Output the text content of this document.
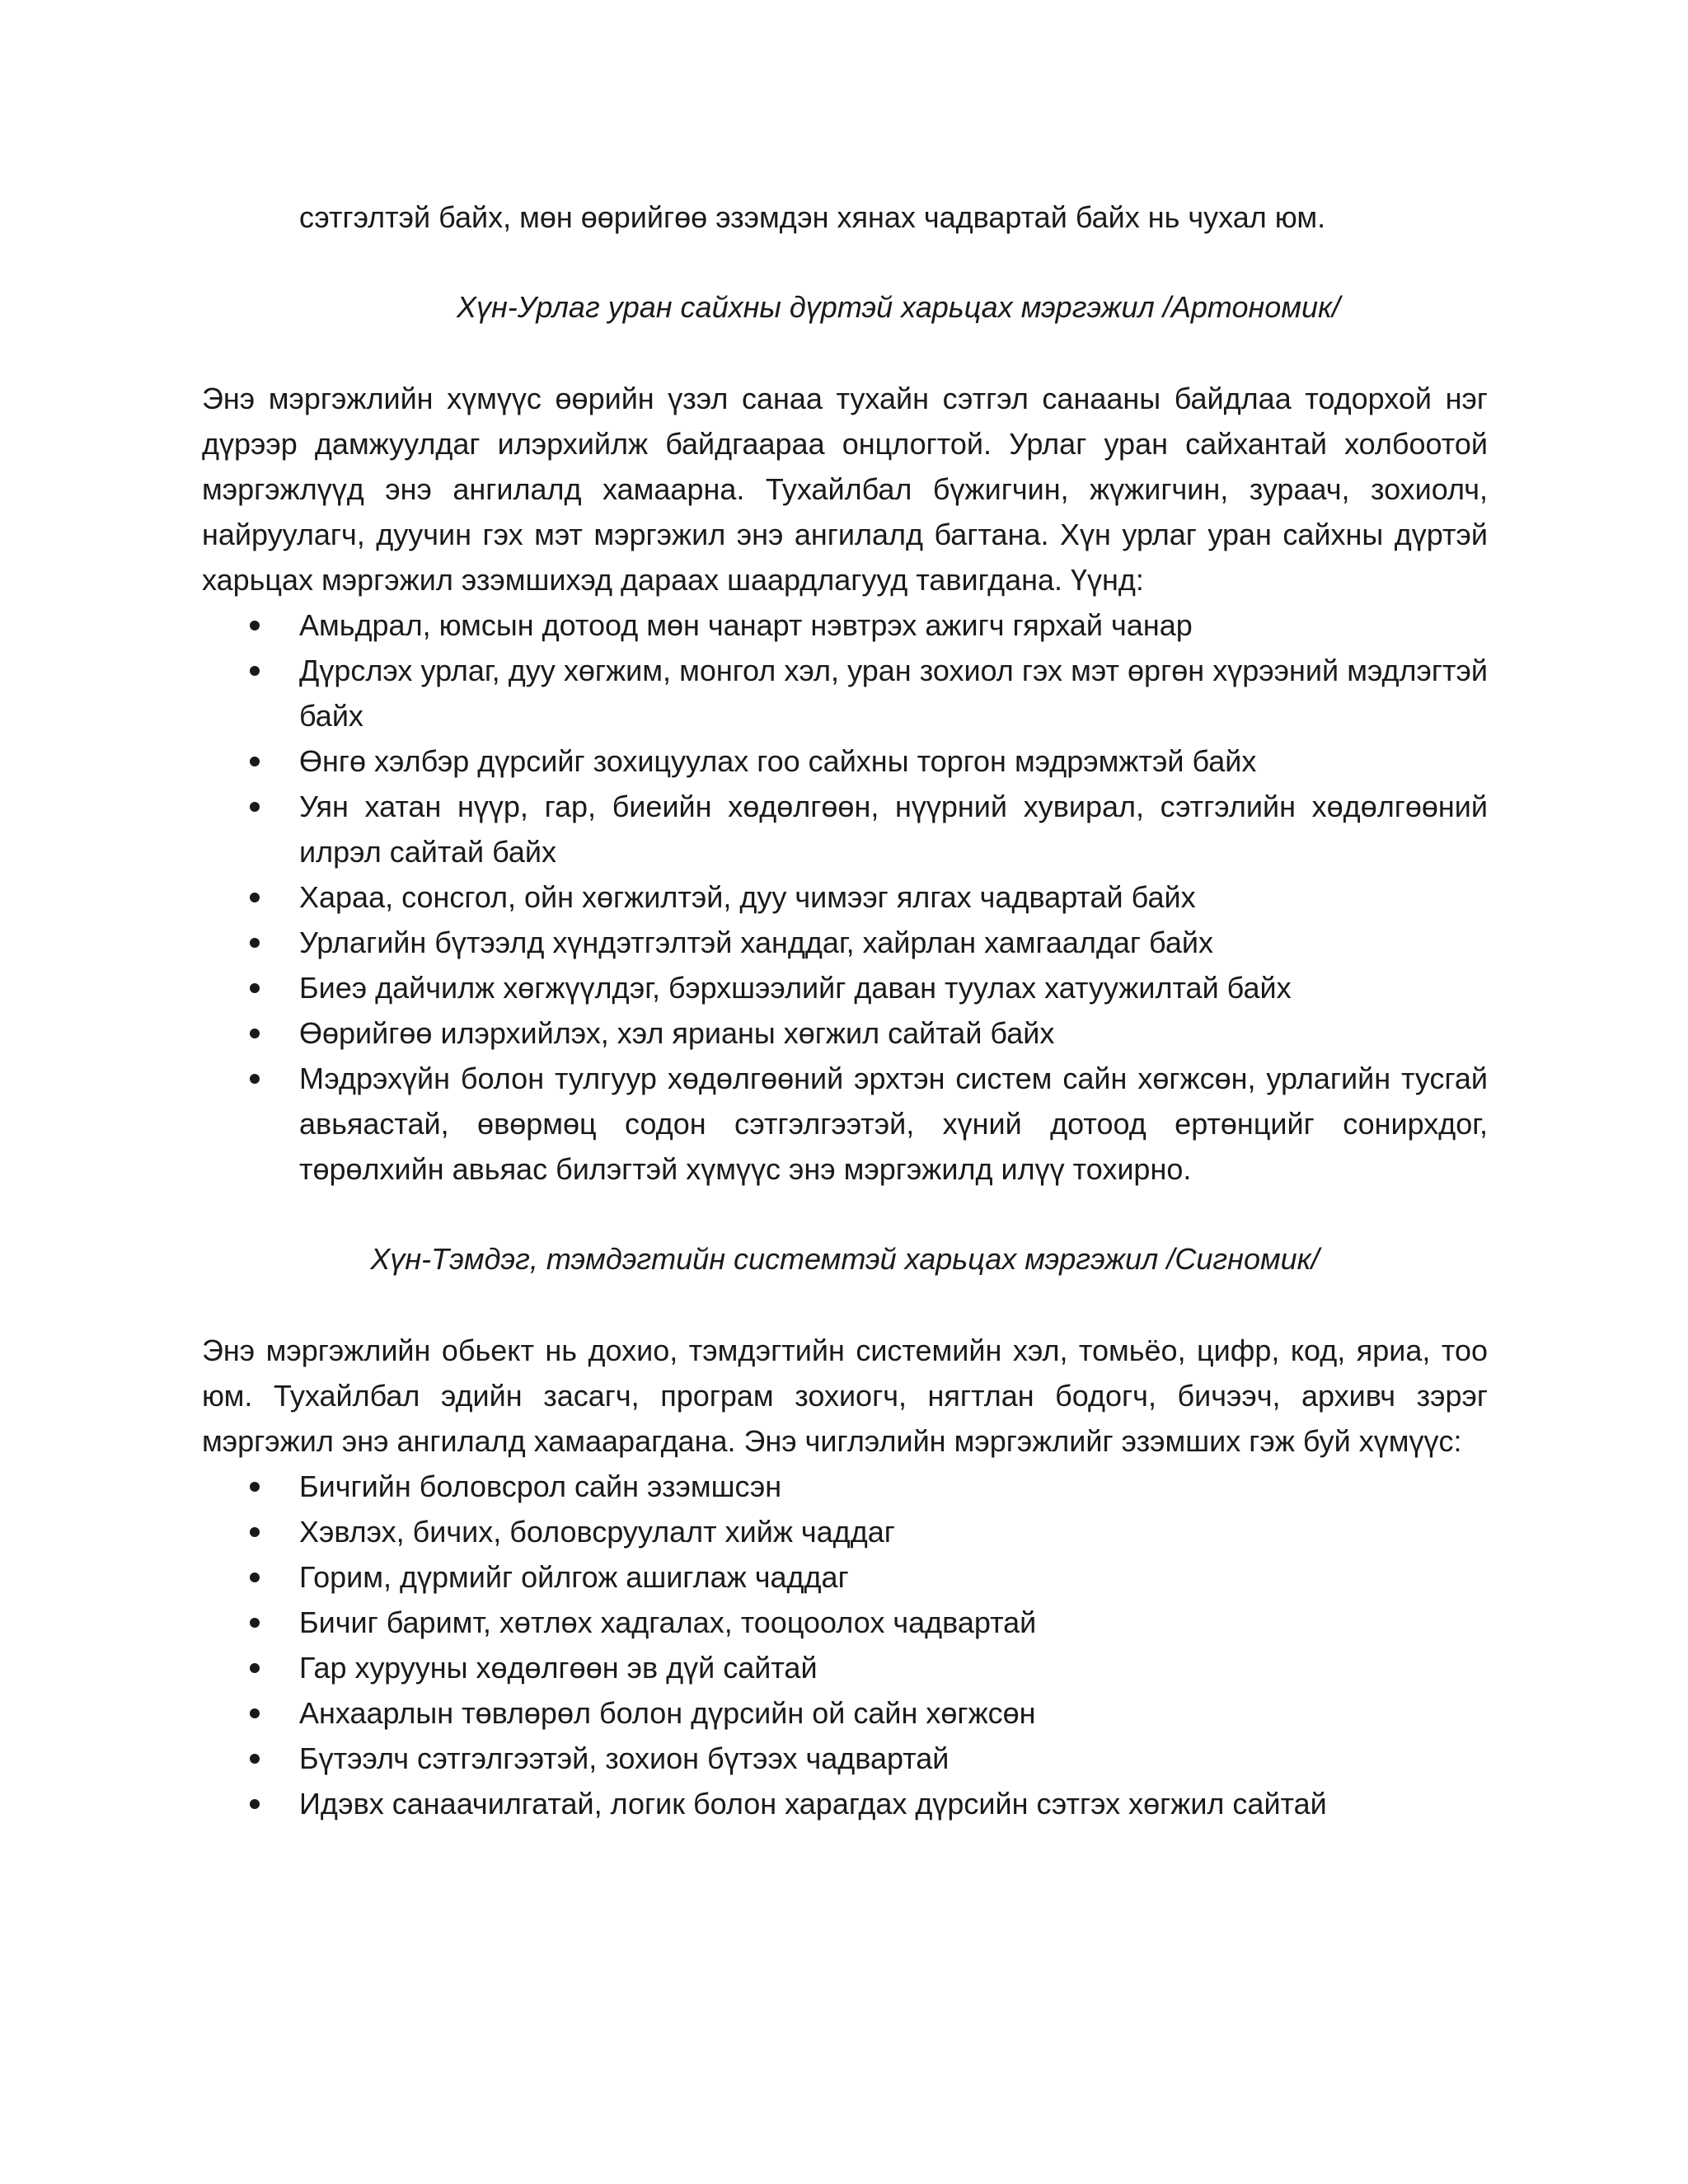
сэтгэлтэй байх, мөн өөрийгөө эзэмдэн хянах чадвартай байх нь чухал юм.

Хүн-Урлаг уран сайхны дүртэй харьцах мэргэжил /Артономик/

Энэ мэргэжлийн хүмүүс өөрийн үзэл санаа тухайн сэтгэл санааны байдлаа тодорхой нэг дүрээр дамжуулдаг илэрхийлж байдгаараа онцлогтой. Урлаг уран сайхантай холбоотой мэргэжлүүд энэ ангилалд хамаарна. Тухайлбал бүжигчин, жүжигчин, зураач, зохиолч, найруулагч, дуучин гэх мэт мэргэжил энэ ангилалд багтана. Хүн урлаг уран сайхны дүртэй харьцах мэргэжил эзэмшихэд дараах шаардлагууд тавигдана. Үүнд:

Амьдрал, юмсын дотоод мөн чанарт нэвтрэх ажигч гярхай чанар
Дүрслэх урлаг, дуу хөгжим, монгол хэл, уран зохиол гэх мэт өргөн хүрээний мэдлэгтэй байх
Өнгө хэлбэр дүрсийг зохицуулах гоо сайхны торгон мэдрэмжтэй байх
Уян хатан нүүр, гар, биеийн хөдөлгөөн, нүүрний хувирал, сэтгэлийн хөдөлгөөний илрэл сайтай байх
Хараа, сонсгол, ойн хөгжилтэй, дуу чимээг ялгах чадвартай байх
Урлагийн бүтээлд хүндэтгэлтэй ханддаг, хайрлан хамгаалдаг байх
Биеэ дайчилж хөгжүүлдэг, бэрхшээлийг даван туулах хатуужилтай байх
Өөрийгөө илэрхийлэх, хэл ярианы хөгжил сайтай байх
Мэдрэхүйн болон тулгуур хөдөлгөөний эрхтэн систем сайн хөгжсөн, урлагийн тусгай авьяастай, өвөрмөц содон сэтгэлгээтэй, хүний дотоод ертөнцийг сонирхдог, төрөлхийн авьяас билэгтэй хүмүүс энэ мэргэжилд илүү тохирно.

Хүн-Тэмдэг, тэмдэгтийн системтэй харьцах мэргэжил /Сигномик/

Энэ мэргэжлийн обьект нь дохио, тэмдэгтийн системийн хэл, томьёо, цифр, код, яриа, тоо юм. Тухайлбал эдийн засагч, програм зохиогч, нягтлан бодогч, бичээч, архивч зэрэг мэргэжил энэ ангилалд хамаарагдана. Энэ чиглэлийн мэргэжлийг эзэмших гэж буй хүмүүс:

Бичгийн боловсрол сайн эзэмшсэн
Хэвлэх, бичих, боловсруулалт хийж чаддаг
Горим, дүрмийг ойлгож ашиглаж чаддаг
Бичиг баримт, хөтлөх хадгалах, тооцоолох чадвартай
Гар хурууны хөдөлгөөн эв дүй сайтай
Анхаарлын төвлөрөл болон дүрсийн ой сайн хөгжсөн
Бүтээлч сэтгэлгээтэй, зохион бүтээх чадвартай
Идэвх санаачилгатай, логик болон харагдах дүрсийн сэтгэх хөгжил сайтай
